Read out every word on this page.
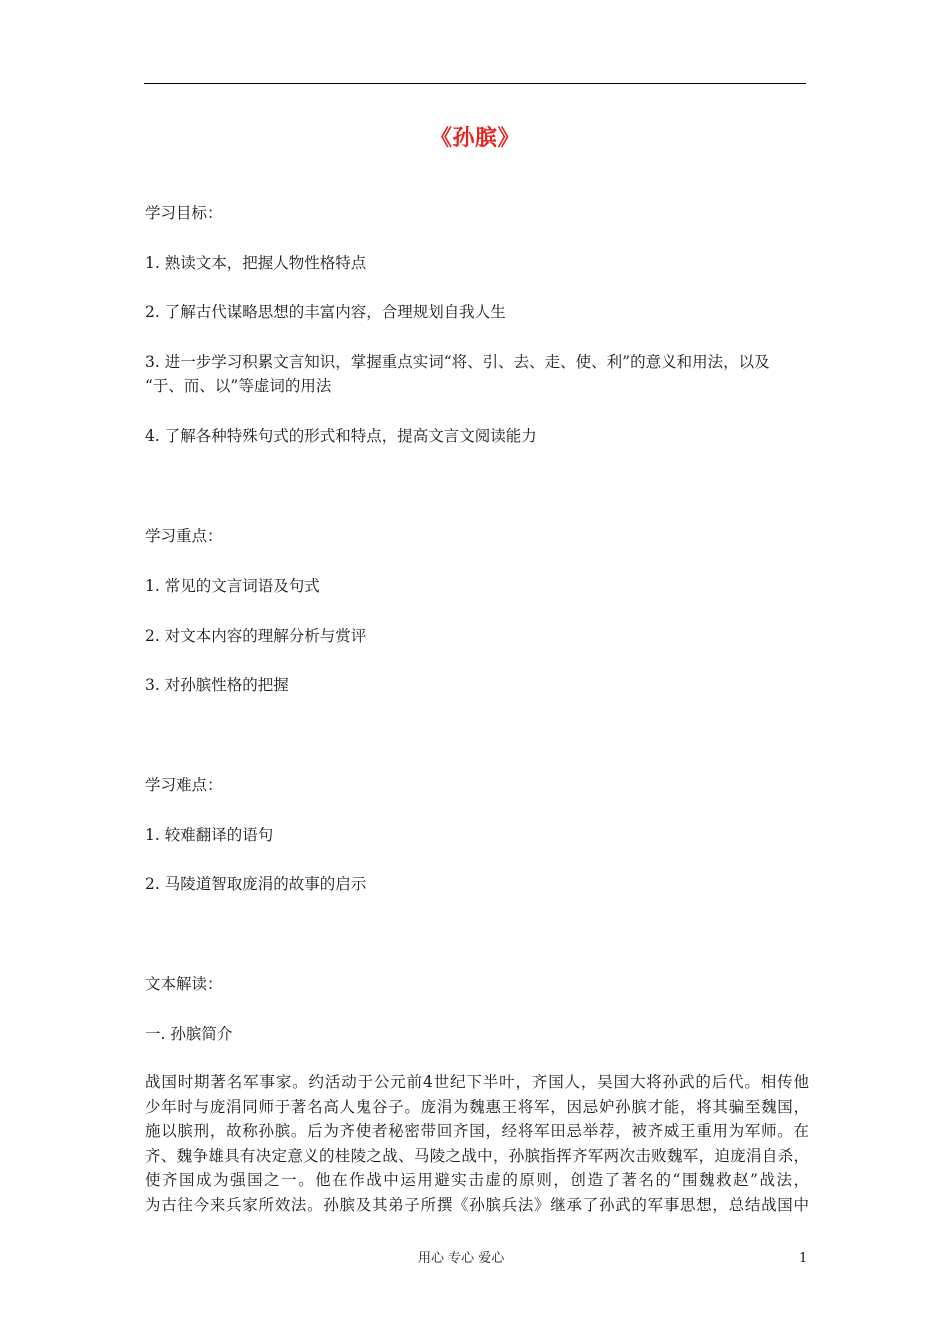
《孙膑》
学习目标：
1. 熟读文本，把握人物性格特点
2. 了解古代谋略思想的丰富内容，合理规划自我人生
3. 进一步学习积累文言知识，掌握重点实词“将、引、去、走、使、利”的意义和用法，以及
“于、而、以”等虚词的用法
4. 了解各种特殊句式的形式和特点，提高文言文阅读能力
学习重点：
1. 常见的文言词语及句式
2. 对文本内容的理解分析与赏评
3. 对孙膑性格的把握
学习难点：
1. 较难翻译的语句
2. 马陵道智取庞涓的故事的启示
文本解读：
一. 孙膑简介
战国时期著名军事家。约活动于公元前4世纪下半叶，齐国人，吴国大将孙武的后代。相传他
少年时与庞涓同师于著名高人鬼谷子。庞涓为魏惠王将军，因忌妒孙膑才能，将其骗至魏国，
施以膑刑，故称孙膑。后为齐使者秘密带回齐国，经将军田忌举荐，被齐威王重用为军师。在
齐、魏争雄具有决定意义的桂陵之战、马陵之战中，孙膑指挥齐军两次击败魏军，迫庞涓自杀，
使齐国成为强国之一。他在作战中运用避实击虚的原则，创造了著名的“围魏救赵”战法，
为古往今来兵家所效法。孙膑及其弟子所撰《孙膑兵法》继承了孙武的军事思想，总结战国中
用心 专心 爱心	1
